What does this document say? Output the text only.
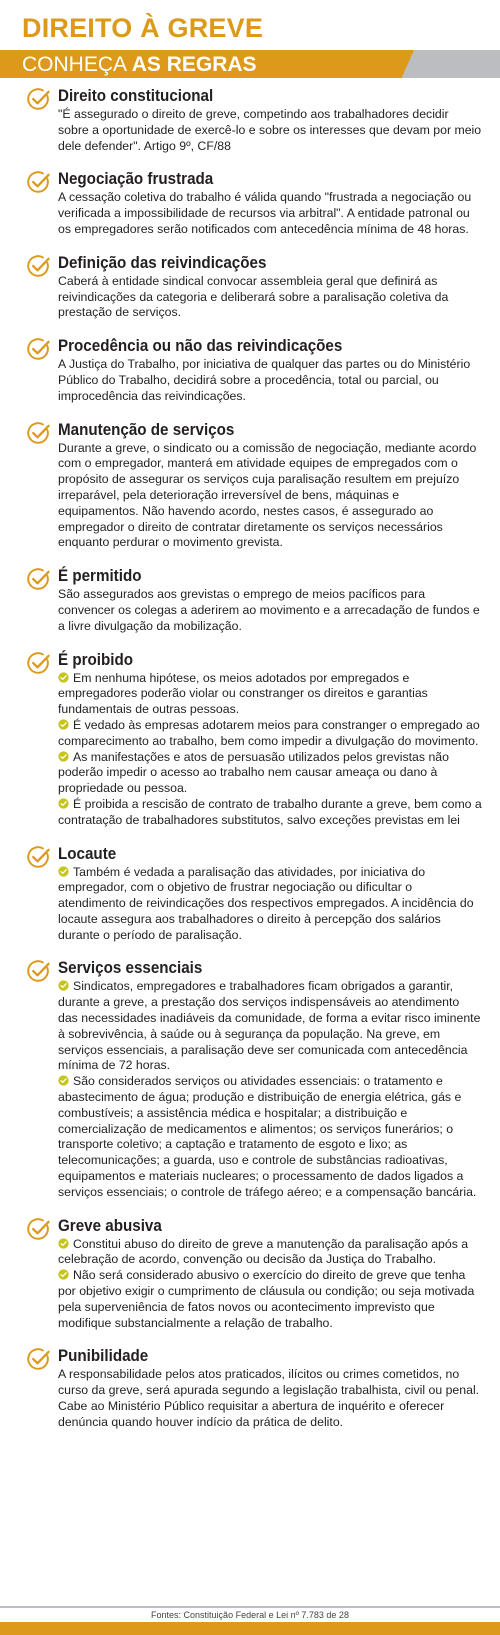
DIREITO À GREVE
CONHEÇA AS REGRAS
Direito constitucional

"É assegurado o direito de greve, competindo aos trabalhadores decidir sobre a oportunidade de exercê-lo e sobre os interesses que devam por meio dele defender". Artigo 9º, CF/88

Negociação frustrada

A cessação coletiva do trabalho é válida quando "frustrada a negociação ou verificada a impossibilidade de recursos via arbitral". A entidade patronal ou os empregadores serão notificados com antecedência mínima de 48 horas.

Definição das reivindicações

Caberá à entidade sindical convocar assembleia geral que definirá as reivindicações da categoria e deliberará sobre a paralisação coletiva da prestação de serviços.

Procedência ou não das reivindicações

A Justiça do Trabalho, por iniciativa de qualquer das partes ou do Ministério Público do Trabalho, decidirá sobre a procedência, total ou parcial, ou improcedência das reivindicações.

Manutenção de serviços

Durante a greve, o sindicato ou a comissão de negociação, mediante acordo com o empregador, manterá em atividade equipes de empregados com o propósito de assegurar os serviços cuja paralisação resultem em prejuízo irreparável, pela deterioração irreversível de bens, máquinas e equipamentos. Não havendo acordo, nestes casos, é assegurado ao empregador o direito de contratar diretamente os serviços necessários enquanto perdurar o movimento grevista.

É permitido

São assegurados aos grevistas o emprego de meios pacíficos para convencer os colegas a aderirem ao movimento e a arrecadação de fundos e a livre divulgação da mobilização.

É proibido

Em nenhuma hipótese, os meios adotados por empregados e empregadores poderão violar ou constranger os direitos e garantias fundamentais de outras pessoas.

É vedado às empresas adotarem meios para constranger o empregado ao comparecimento ao trabalho, bem como impedir a divulgação do movimento.

As manifestações e atos de persuasão utilizados pelos grevistas não poderão impedir o acesso ao trabalho nem causar ameaça ou dano à propriedade ou pessoa.

É proibida a rescisão de contrato de trabalho durante a greve, bem como a contratação de trabalhadores substitutos, salvo exceções previstas em lei

Locaute

Também é vedada a paralisação das atividades, por iniciativa do empregador, com o objetivo de frustrar negociação ou dificultar o atendimento de reivindicações dos respectivos empregados. A incidência do locaute assegura aos trabalhadores o direito à percepção dos salários durante o período de paralisação.

Serviços essenciais

Sindicatos, empregadores e trabalhadores ficam obrigados a garantir, durante a greve, a prestação dos serviços indispensáveis ao atendimento das necessidades inadiáveis da comunidade, de forma a evitar risco iminente à sobrevivência, à saúde ou à segurança da população. Na greve, em serviços essenciais, a paralisação deve ser comunicada com antecedência mínima de 72 horas.

São considerados serviços ou atividades essenciais: o tratamento e abastecimento de água; produção e distribuição de energia elétrica, gás e combustíveis; a assistência médica e hospitalar; a distribuição e comercialização de medicamentos e alimentos; os serviços funerários; o transporte coletivo; a captação e tratamento de esgoto e lixo; as telecomunicações; a guarda, uso e controle de substâncias radioativas, equipamentos e materiais nucleares; o processamento de dados ligados a serviços essenciais; o controle de tráfego aéreo; e a compensação bancária.

Greve abusiva

Constitui abuso do direito de greve a manutenção da paralisação após a celebração de acordo, convenção ou decisão da Justiça do Trabalho.

Não será considerado abusivo o exercício do direito de greve que tenha por objetivo exigir o cumprimento de cláusula ou condição; ou seja motivada pela superveniência de fatos novos ou acontecimento imprevisto que modifique substancialmente a relação de trabalho.

Punibilidade

A responsabilidade pelos atos praticados, ilícitos ou crimes cometidos, no curso da greve, será apurada segundo a legislação trabalhista, civil ou penal. Cabe ao Ministério Público requisitar a abertura de inquérito e oferecer denúncia quando houver indício da prática de delito.

Fontes: Constituição Federal e Lei nº 7.783 de 28
